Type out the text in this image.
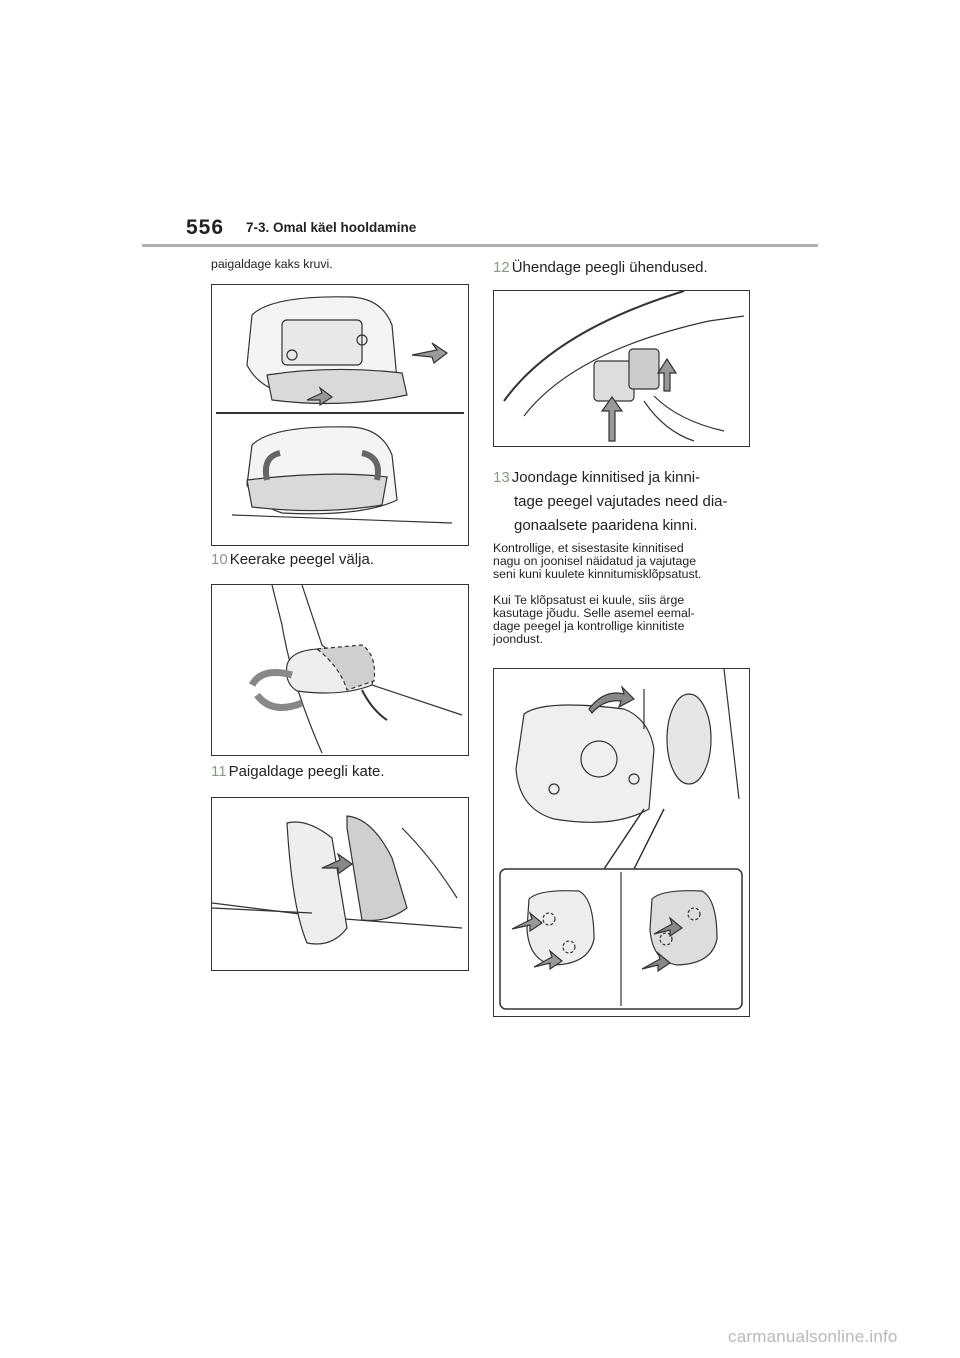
556 7-3. Omal käel hooldamine
paigaldage kaks kruvi.
10 Keerake peegel välja.
11 Paigaldage peegli kate.
12 Ühendage peegli ühendused.
13 Joondage kinnitised ja kinni-
tage peegel vajutades need dia-
gonaalsete paaridena kinni.
Kontrollige, et sisestasite kinnitised
nagu on joonisel näidatud ja vajutage
seni kuni kuulete kinnitumisklõpsatust.
Kui Te klõpsatust ei kuule, siis ärge
kasutage jõudu. Selle asemel eemal-
dage peegel ja kontrollige kinnitiste
joondust.
carmanualsonline.info
